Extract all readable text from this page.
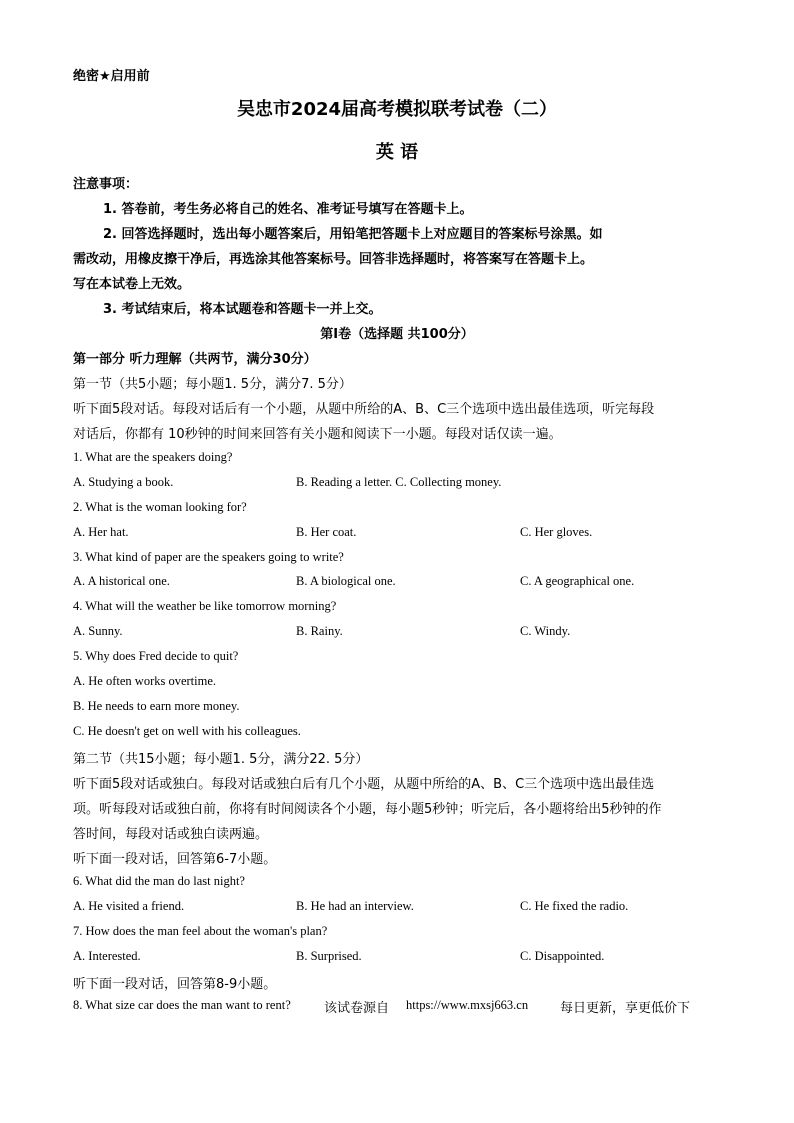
绝密★启用前
吴忠市2024届高考模拟联考试卷（二）
英 语
注意事项：
1. 答卷前，考生务必将自己的姓名、准考证号填写在答题卡上。
2. 回答选择题时，选出每小题答案后，用铅笔把答题卡上对应题目的答案标号涂黑。如
需改动，用橡皮擦干净后，再选涂其他答案标号。回答非选择题时，将答案写在答题卡上。
写在本试卷上无效。
3. 考试结束后，将本试题卷和答题卡一并上交。
第Ⅰ卷（选择题 共100分）
第一部分 听力理解（共两节，满分30分）
第一节（共5小题；每小题1. 5分，满分7. 5分）
听下面5段对话。每段对话后有一个小题，从题中所给的A、B、C三个选项中选出最佳选项，听完每段
对话后，你都有 10秒钟的时间来回答有关小题和阅读下一小题。每段对话仅读一遍。
1. What are the speakers doing?
A. Studying a book.	B. Reading a letter. C. Collecting money.
2. What is the woman looking for?
A. Her hat.	B. Her coat.	C. Her gloves.
3. What kind of paper are the speakers going to write?
A. A historical one.	B. A biological one.	C. A geographical one.
4. What will the weather be like tomorrow morning?
A. Sunny.	B. Rainy.	C. Windy.
5. Why does Fred decide to quit?
A. He often works overtime.
B. He needs to earn more money.
C. He doesn't get on well with his colleagues.
第二节（共15小题；每小题1. 5分，满分22. 5分）
听下面5段对话或独白。每段对话或独白后有几个小题，从题中所给的A、B、C三个选项中选出最佳选
项。听每段对话或独白前，你将有时间阅读各个小题，每小题5秒钟；听完后，各小题将给出5秒钟的作
答时间，每段对话或独白读两遍。
听下面一段对话，回答第6-7小题。
6. What did the man do last night?
A. He visited a friend.	B. He had an interview.	C. He fixed the radio.
7. How does the man feel about the woman's plan?
A. Interested.	B. Surprised.	C. Disappointed.
听下面一段对话，回答第8-9小题。
8. What size car does the man want to rent?	该试卷源自 https://www.mxsj663.cn 每日更新，享更低价下
